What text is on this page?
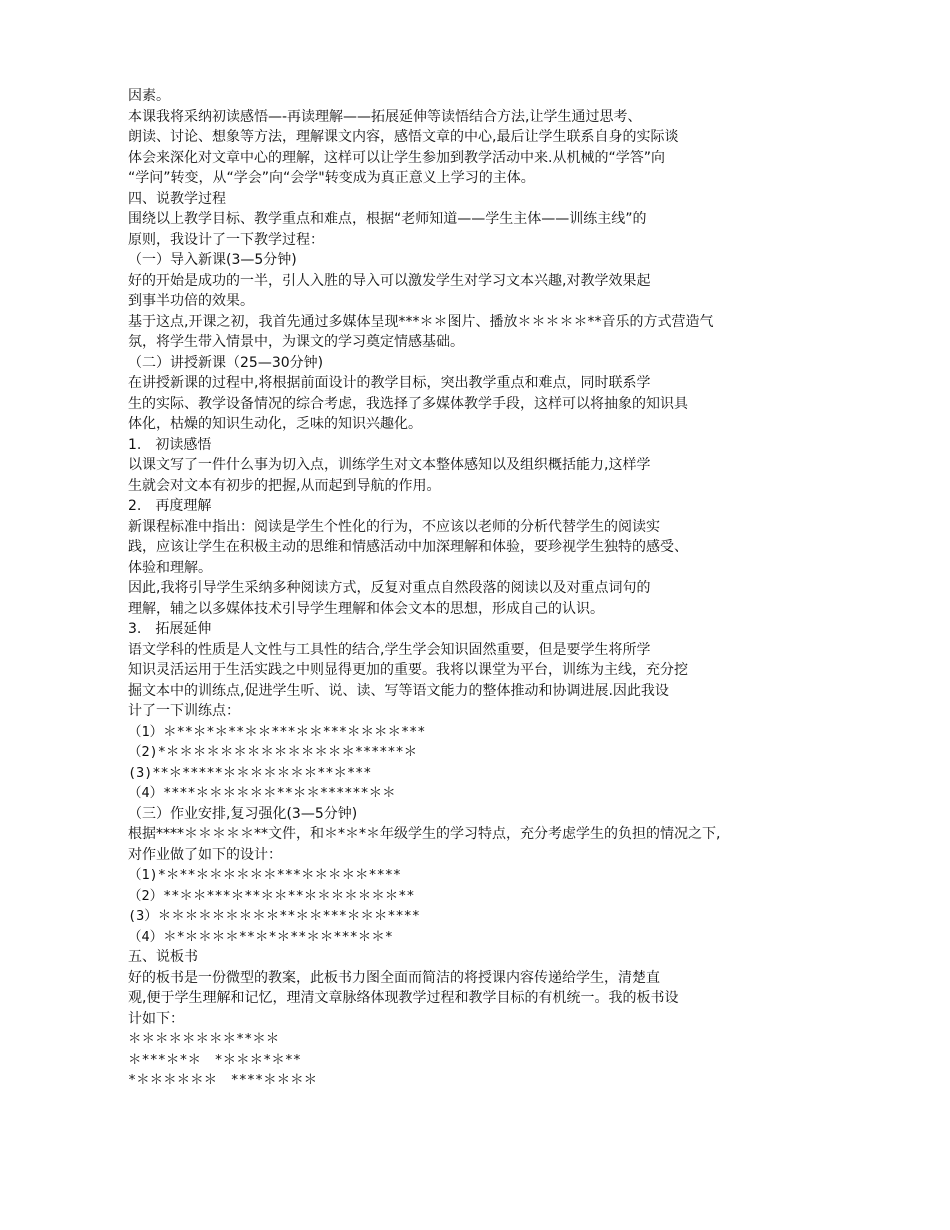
因素。
本课我将采纳初读感悟—-再读理解——拓展延伸等读悟结合方法,让学生通过思考、
朗读、讨论、想象等方法，理解课文内容，感悟文章的中心,最后让学生联系自身的实际谈
体会来深化对文章中心的理解，这样可以让学生参加到教学活动中来.从机械的“学答”向
“学问”转变，从“学会”向“会学"转变成为真正意义上学习的主体。
四、说教学过程
围绕以上教学目标、教学重点和难点，根据“老师知道——学生主体——训练主线”的
原则，我设计了一下教学过程：
（一）导入新课(3—5分钟)
好的开始是成功的一半，引人入胜的导入可以激发学生对学习文本兴趣,对教学效果起
到事半功倍的效果。
基于这点,开课之初，我首先通过多媒体呈现***＊＊图片、播放＊＊＊＊＊**音乐的方式营造气
氛，将学生带入情景中，为课文的学习奠定情感基础。
（二）讲授新课（25—30分钟)
在讲授新课的过程中,将根据前面设计的教学目标，突出教学重点和难点，同时联系学
生的实际、教学设备情况的综合考虑，我选择了多媒体教学手段，这样可以将抽象的知识具
体化，枯燥的知识生动化，乏味的知识兴趣化。
1.　初读感悟
以课文写了一件什么事为切入点，训练学生对文本整体感知以及组织概括能力,这样学
生就会对文本有初步的把握,从而起到导航的作用。
2.　再度理解
新课程标准中指出：阅读是学生个性化的行为，不应该以老师的分析代替学生的阅读实
践，应该让学生在积极主动的思维和情感活动中加深理解和体验，要珍视学生独特的感受、
体验和理解。
因此,我将引导学生采纳多种阅读方式，反复对重点自然段落的阅读以及对重点词句的
理解，辅之以多媒体技术引导学生理解和体会文本的思想，形成自己的认识。
3.　拓展延伸
语文学科的性质是人文性与工具性的结合,学生学会知识固然重要，但是要学生将所学
知识灵活运用于生活实践之中则显得更加的重要。我将以课堂为平台，训练为主线，充分挖
掘文本中的训练点,促进学生听、说、读、写等语文能力的整体推动和协调进展.因此我设
计了一下训练点：
（1）＊**＊*＊**＊＊***＊＊***＊＊＊＊***
（2)*＊＊＊＊＊＊＊＊＊＊＊＊＊＊******＊
(3)**＊*****＊＊＊＊＊＊＊**＊***
（4）****＊＊＊＊＊＊**＊＊******＊＊
（三）作业安排,复习强化(3—5分钟)
根据****＊＊＊＊＊**文件，和＊*＊*＊年级学生的学习特点，充分考虑学生的负担的情况之下,
对作业做了如下的设计：
（1)*＊**＊＊＊＊＊＊***＊＊＊＊＊****
（2）**＊＊***＊**＊＊**＊＊＊＊＊＊＊**
(3）＊＊＊＊＊＊＊＊＊**＊＊***＊＊＊****
（4）＊*＊＊＊＊**＊*＊**＊＊***＊＊*
五、说板书
好的板书是一份微型的教案，此板书力图全面而简洁的将授课内容传递给学生，清楚直
观,便于学生理解和记忆，理清文章脉络体现教学过程和教学目标的有机统一。我的板书设
计如下：
＊＊＊＊＊＊＊＊**＊＊
＊***＊*＊　*＊＊＊*＊**
*＊＊＊＊＊＊　****＊＊＊＊
